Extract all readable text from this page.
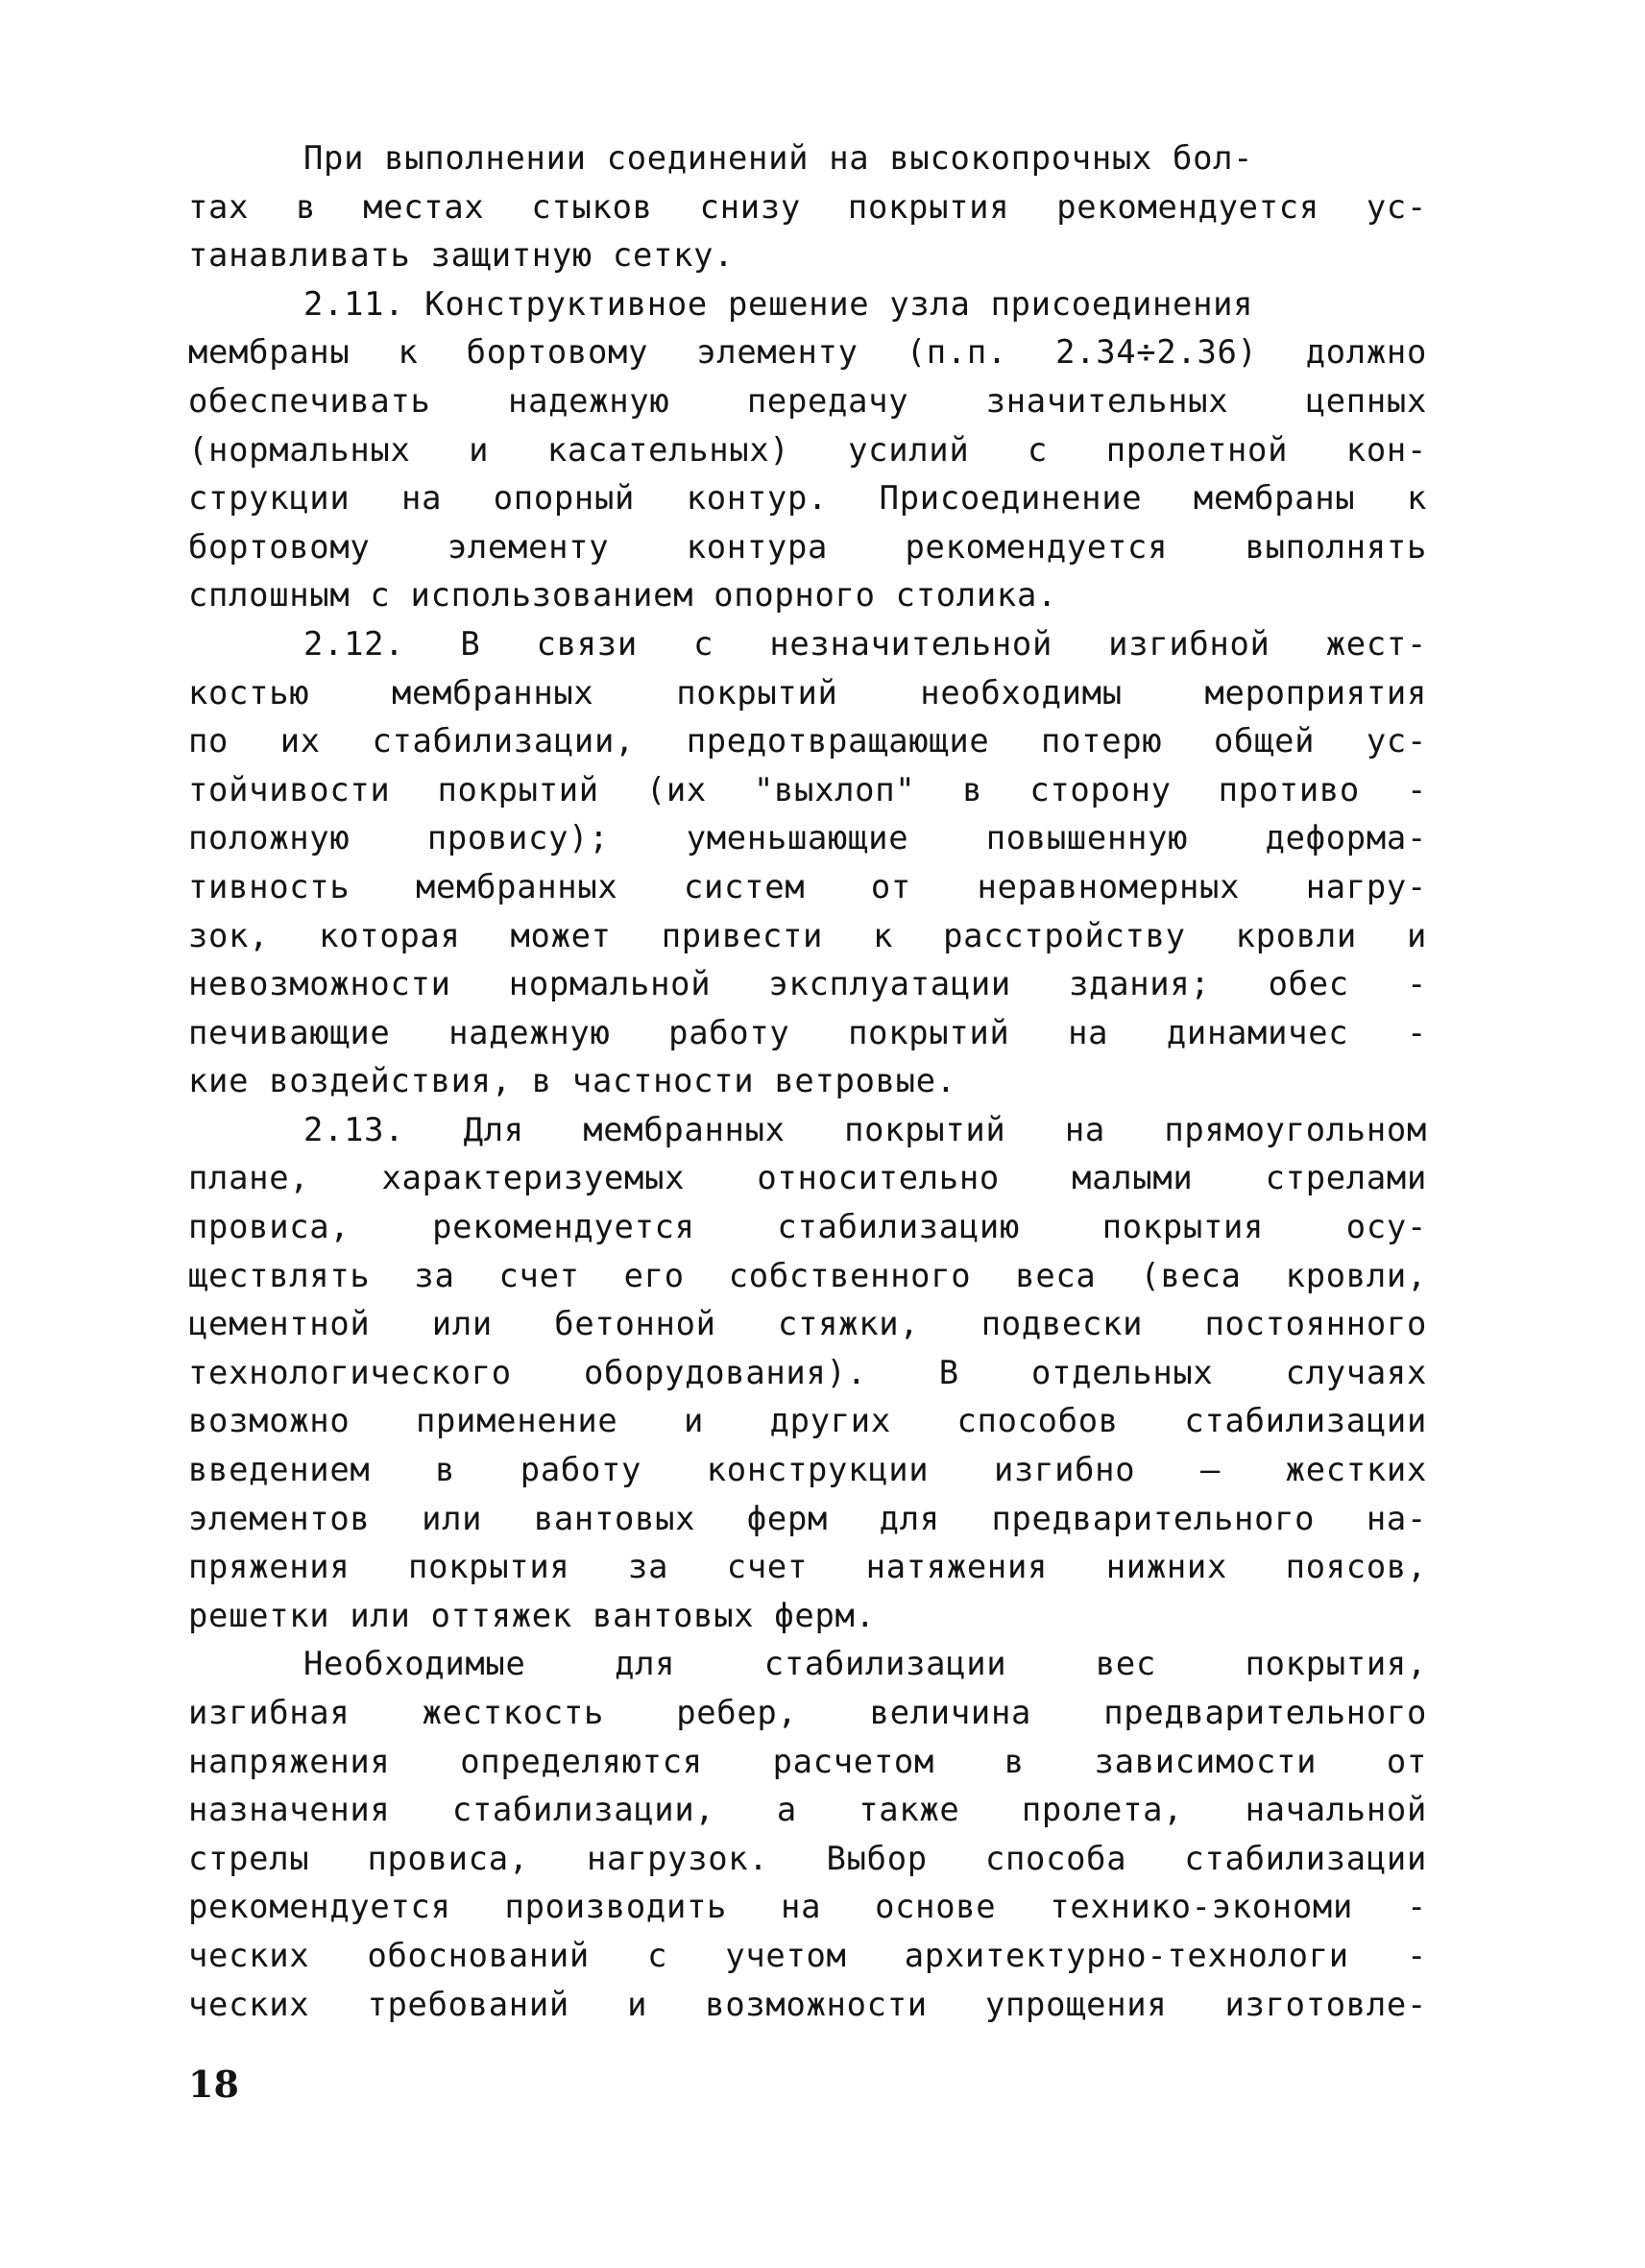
При выполнении соединений на высокопрочных бол-
тах в местах стыков снизу покрытия рекомендуется ус-
танавливать защитную сетку.
2.11. Конструктивное решение узла присоединения
мембраны к бортовому элементу (п.п. 2.34÷2.36) должно
обеспечивать надежную передачу значительных цепных
(нормальных и касательных) усилий с пролетной кон-
струкции на опорный контур. Присоединение мембраны к
бортовому элементу контура рекомендуется выполнять
сплошным с использованием опорного столика.
2.12. В связи с незначительной изгибной жест-
костью мембранных покрытий необходимы мероприятия
по их стабилизации, предотвращающие потерю общей ус-
тойчивости покрытий (их "выхлоп" в сторону противо -
положную провису); уменьшающие повышенную деформа-
тивность мембранных систем от неравномерных нагру-
зок, которая может привести к расстройству кровли и
невозможности нормальной эксплуатации здания; обес -
печивающие надежную работу покрытий на динамичес -
кие воздействия, в частности ветровые.
2.13. Для мембранных покрытий на прямоугольном
плане, характеризуемых относительно малыми стрелами
провиса, рекомендуется стабилизацию покрытия осу-
ществлять за счет его собственного веса (веса кровли,
цементной или бетонной стяжки, подвески постоянного
технологического оборудования). В отдельных случаях
возможно применение и других способов стабилизации
введением в работу конструкции изгибно — жестких
элементов или вантовых ферм для предварительного на-
пряжения покрытия за счет натяжения нижних поясов,
решетки или оттяжек вантовых ферм.
Необходимые для стабилизации вес покрытия,
изгибная жесткость ребер, величина предварительного
напряжения определяются расчетом в зависимости от
назначения стабилизации, а также пролета, начальной
стрелы провиса, нагрузок. Выбор способа стабилизации
рекомендуется производить на основе технико-экономи -
ческих обоснований с учетом архитектурно-технологи -
ческих требований и возможности упрощения изготовле-
18
